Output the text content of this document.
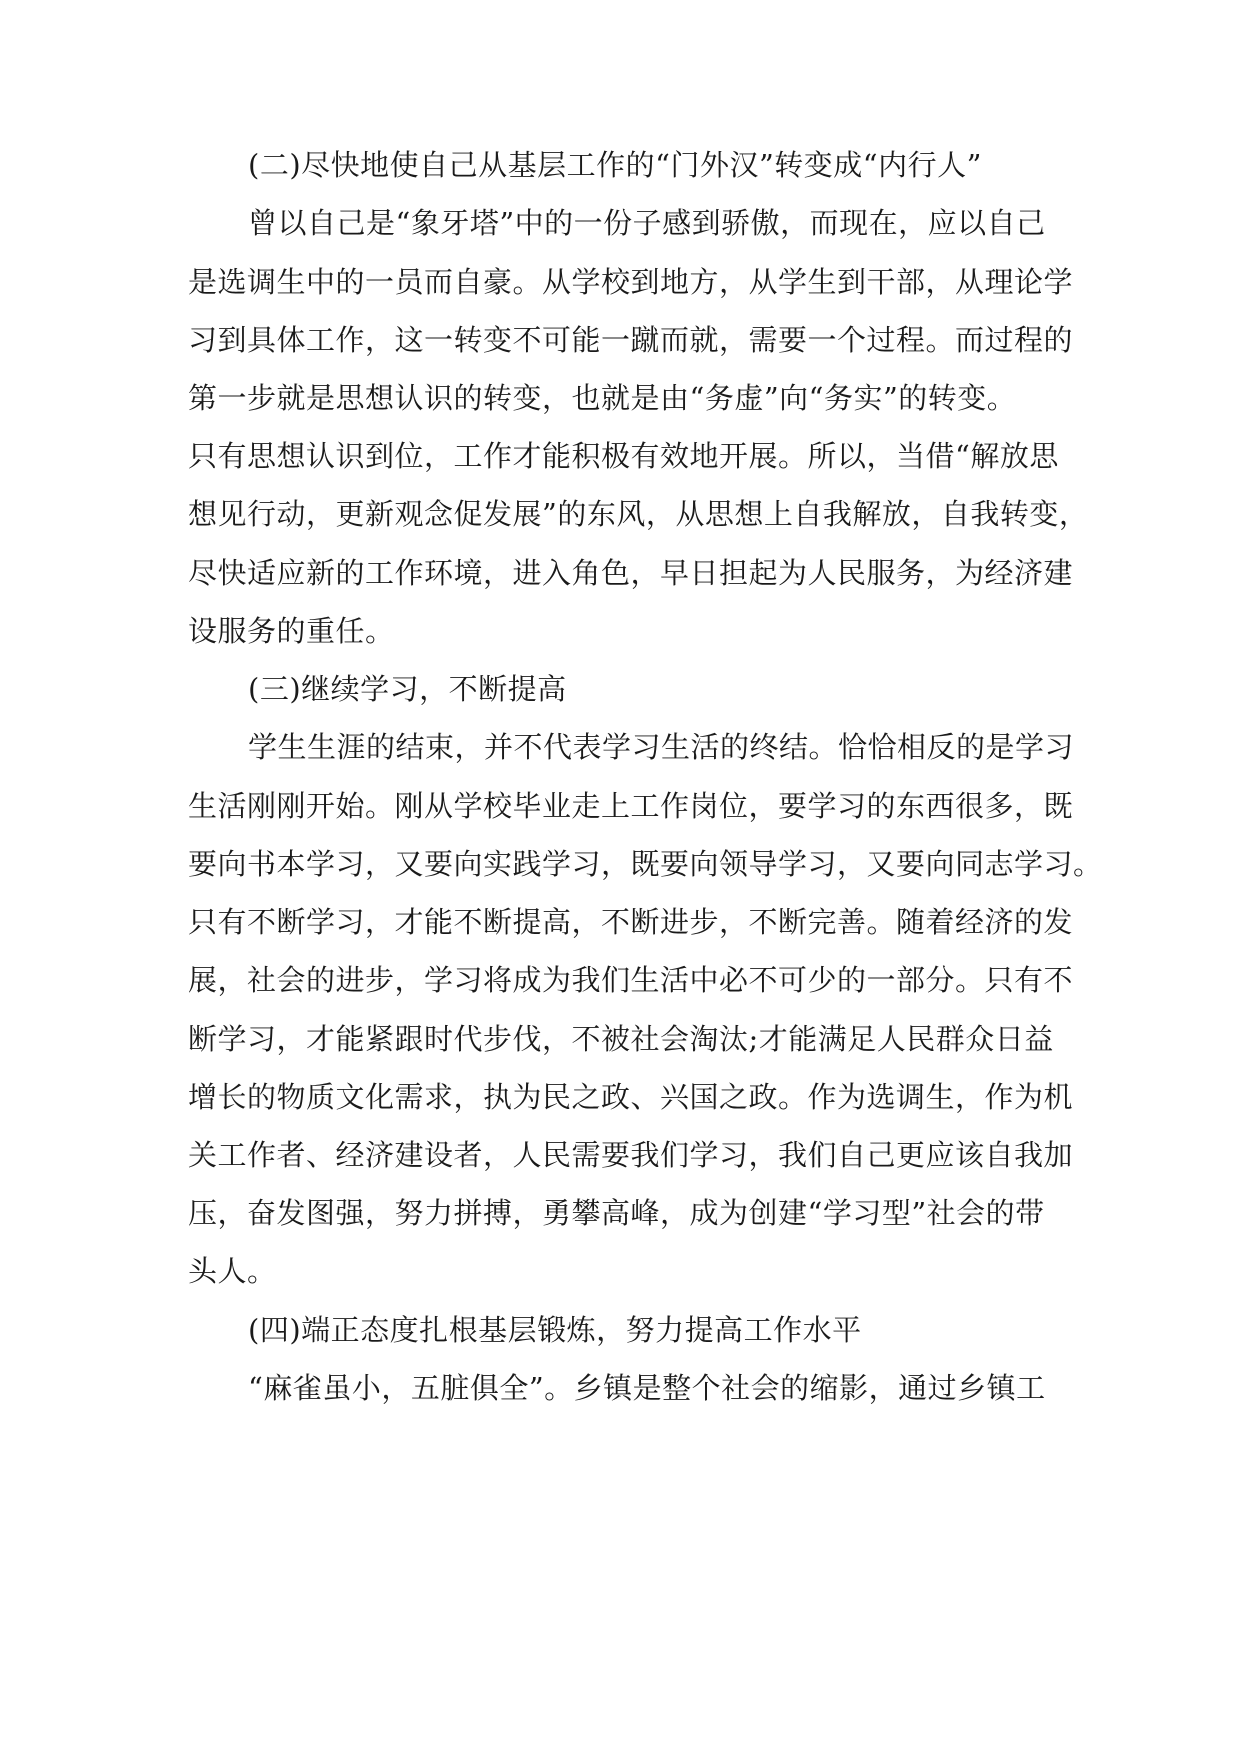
(二)尽快地使自己从基层工作的“门外汉”转变成“内行人”
曾以自己是“象牙塔”中的一份子感到骄傲，而现在，应以自己
是选调生中的一员而自豪。从学校到地方，从学生到干部，从理论学
习到具体工作，这一转变不可能一蹴而就，需要一个过程。而过程的
第一步就是思想认识的转变，也就是由“务虚”向“务实”的转变。
只有思想认识到位，工作才能积极有效地开展。所以，当借“解放思
想见行动，更新观念促发展”的东风，从思想上自我解放，自我转变，
尽快适应新的工作环境，进入角色，早日担起为人民服务，为经济建
设服务的重任。
(三)继续学习，不断提高
学生生涯的结束，并不代表学习生活的终结。恰恰相反的是学习
生活刚刚开始。刚从学校毕业走上工作岗位，要学习的东西很多，既
要向书本学习，又要向实践学习，既要向领导学习，又要向同志学习。
只有不断学习，才能不断提高，不断进步，不断完善。随着经济的发
展，社会的进步，学习将成为我们生活中必不可少的一部分。只有不
断学习，才能紧跟时代步伐，不被社会淘汰;才能满足人民群众日益
增长的物质文化需求，执为民之政、兴国之政。作为选调生，作为机
关工作者、经济建设者，人民需要我们学习，我们自己更应该自我加
压，奋发图强，努力拼搏，勇攀高峰，成为创建“学习型”社会的带
头人。
(四)端正态度扎根基层锻炼，努力提高工作水平
“麻雀虽小，五脏俱全”。乡镇是整个社会的缩影，通过乡镇工
